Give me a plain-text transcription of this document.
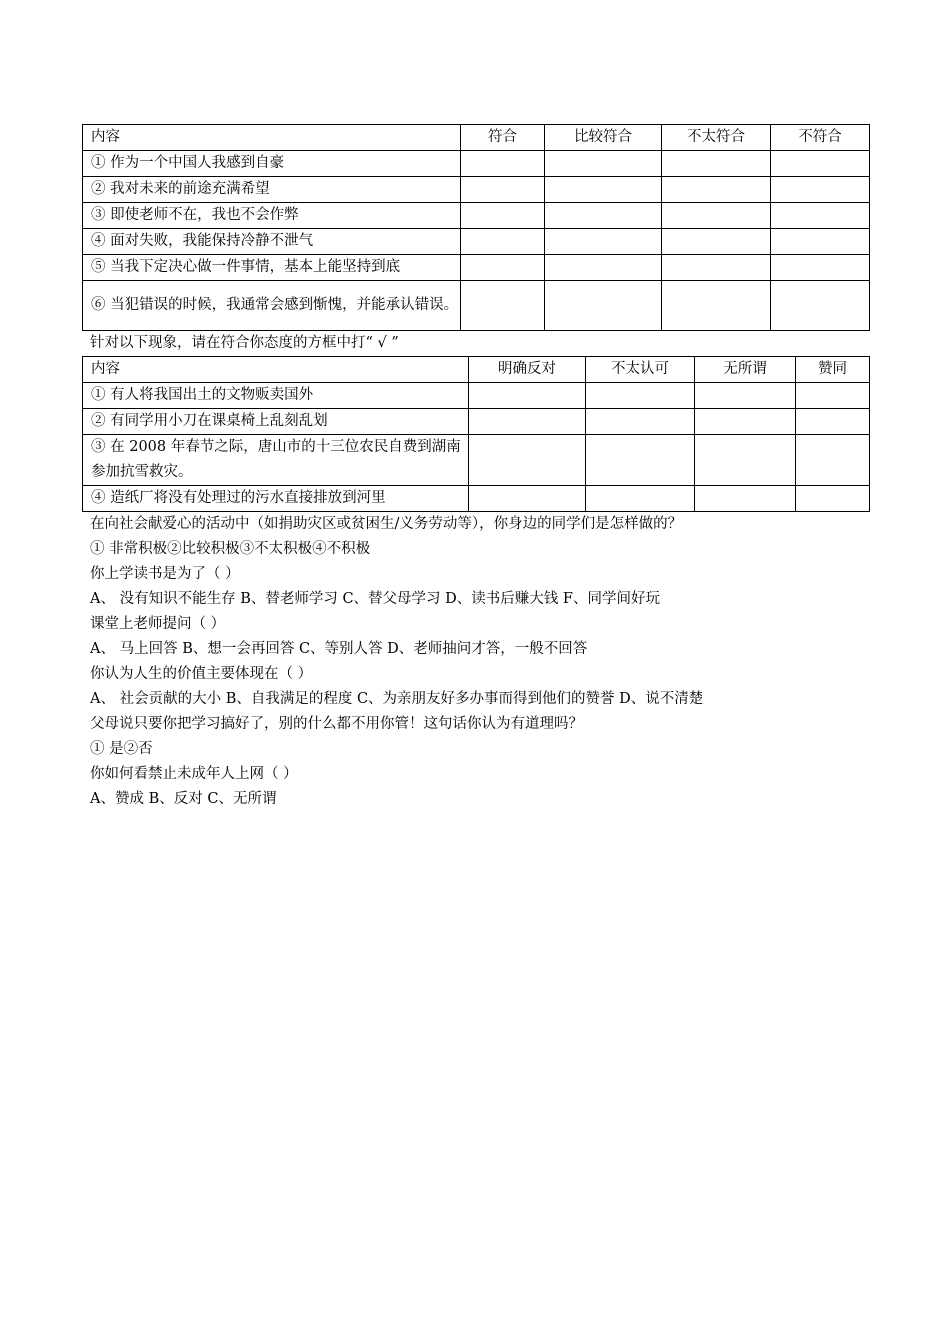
内容	符合	比较符合	不太符合	不符合
① 作为一个中国人我感到自豪				
② 我对未来的前途充满希望				
③ 即使老师不在，我也不会作弊				
④ 面对失败，我能保持冷静不泄气				
⑤ 当我下定决心做一件事情，基本上能坚持到底				
⑥ 当犯错误的时候，我通常会感到惭愧，并能承认错误。				
针对以下现象，请在符合你态度的方框中打“ √ ”
内容	明确反对	不太认可	无所谓	赞同
① 有人将我国出土的文物贩卖国外				
② 有同学用小刀在课桌椅上乱刻乱划				
③ 在 2008 年春节之际，唐山市的十三位农民自费到湖南参加抗雪救灾。				
④ 造纸厂将没有处理过的污水直接排放到河里				
在向社会献爱心的活动中（如捐助灾区或贫困生/义务劳动等），你身边的同学们是怎样做的？
① 非常积极②比较积极③不太积极④不积极
你上学读书是为了（ ）
A、 没有知识不能生存 B、替老师学习 C、替父母学习 D、读书后赚大钱 F、同学间好玩
课堂上老师提问（ ）
A、 马上回答 B、想一会再回答 C、等别人答 D、老师抽问才答，一般不回答
你认为人生的价值主要体现在（ ）
A、 社会贡献的大小 B、自我满足的程度 C、为亲朋友好多办事而得到他们的赞誉 D、说不清楚
父母说只要你把学习搞好了，别的什么都不用你管！这句话你认为有道理吗？
① 是②否
你如何看禁止未成年人上网（ ）
A、赞成 B、反对 C、无所谓
